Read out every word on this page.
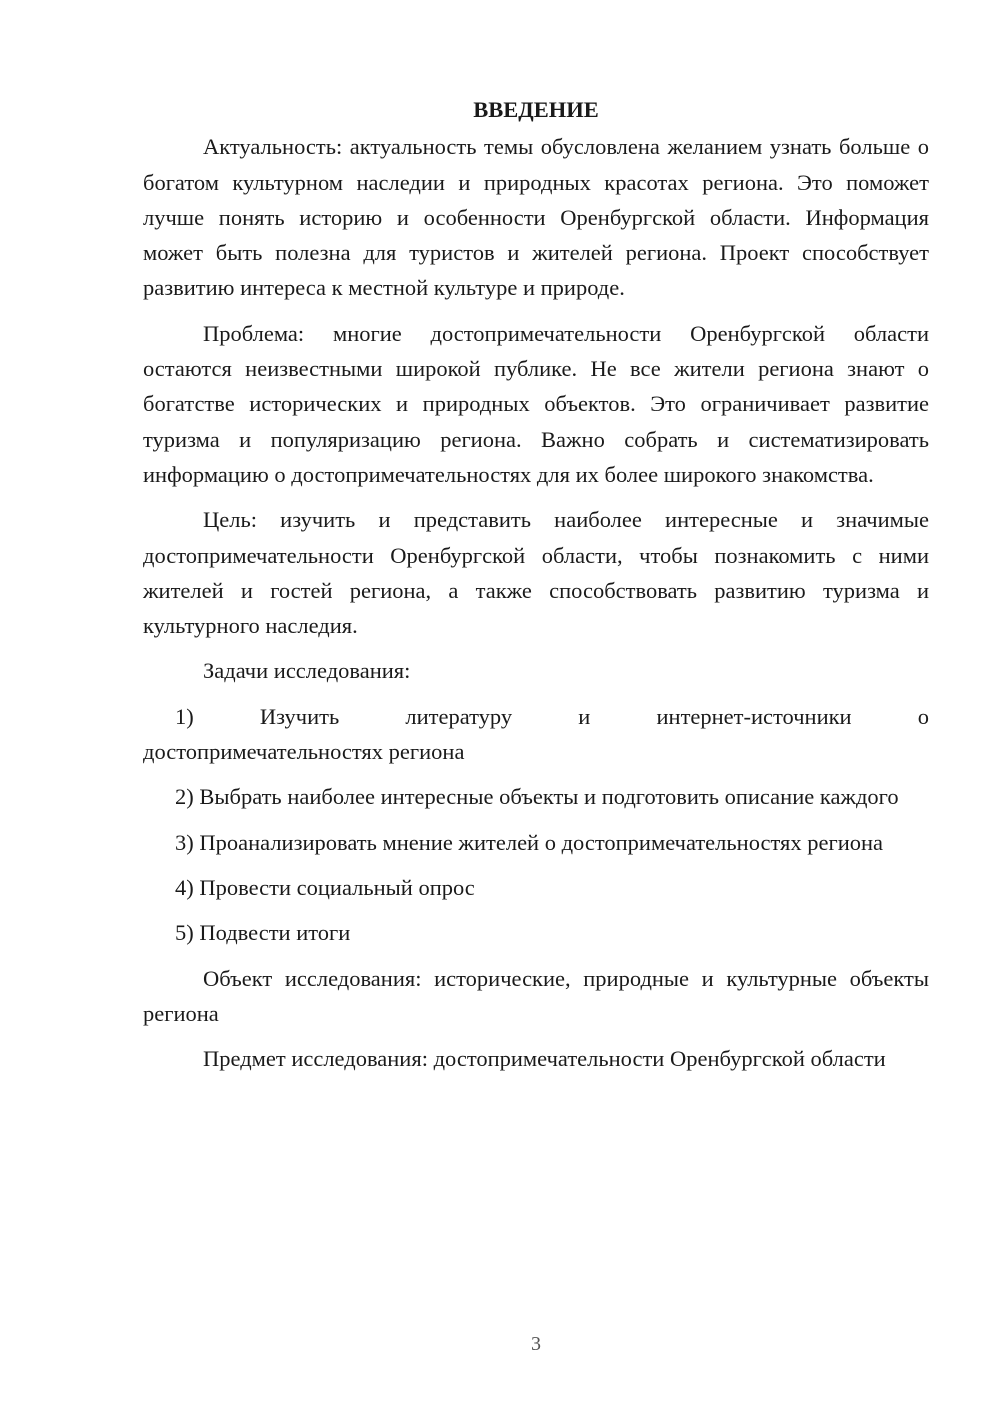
ВВЕДЕНИЕ

Актуальность: актуальность темы обусловлена желанием узнать больше о богатом культурном наследии и природных красотах региона. Это поможет лучше понять историю и особенности Оренбургской области. Информация может быть полезна для туристов и жителей региона. Проект способствует развитию интереса к местной культуре и природе.

Проблема: многие достопримечательности Оренбургской области остаются неизвестными широкой публике. Не все жители региона знают о богатстве исторических и природных объектов. Это ограничивает развитие туризма и популяризацию региона. Важно собрать и систематизировать информацию о достопримечательностях для их более широкого знакомства.

Цель: изучить и представить наиболее интересные и значимые достопримечательности Оренбургской области, чтобы познакомить с ними жителей и гостей региона, а также способствовать развитию туризма и культурного наследия.

Задачи исследования:

1) Изучить литературу и интернет-источники о
достопримечательностях региона

2) Выбрать наиболее интересные объекты и подготовить описание каждого

3) Проанализировать мнение жителей о достопримечательностях региона

4) Провести социальный опрос

5) Подвести итоги

Объект исследования: исторические, природные и культурные объекты региона

Предмет исследования: достопримечательности Оренбургской области

3
